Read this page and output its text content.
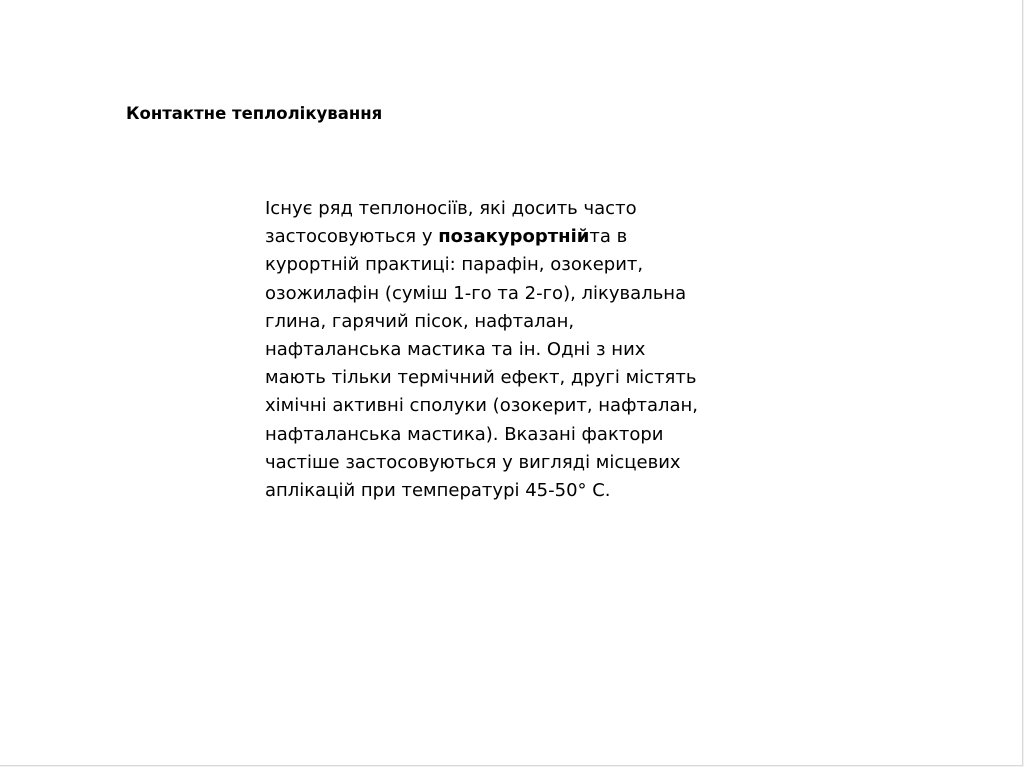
Контактне теплолікування
Існує ряд теплоносіїв, які досить часто
застосовуються у позакурортнійта в
курортній практиці: парафін, озокерит,
озожилафін (суміш 1-го та 2-го), лікувальна
глина, гарячий пісок, нафталан,
нафталанська мастика та ін. Одні з них
мають тільки термічний ефект, другі містять
хімічні активні сполуки (озокерит, нафталан,
нафталанська мастика). Вказані фактори
частіше застосовуються у вигляді місцевих
аплікацій при температурі 45-50° С.
